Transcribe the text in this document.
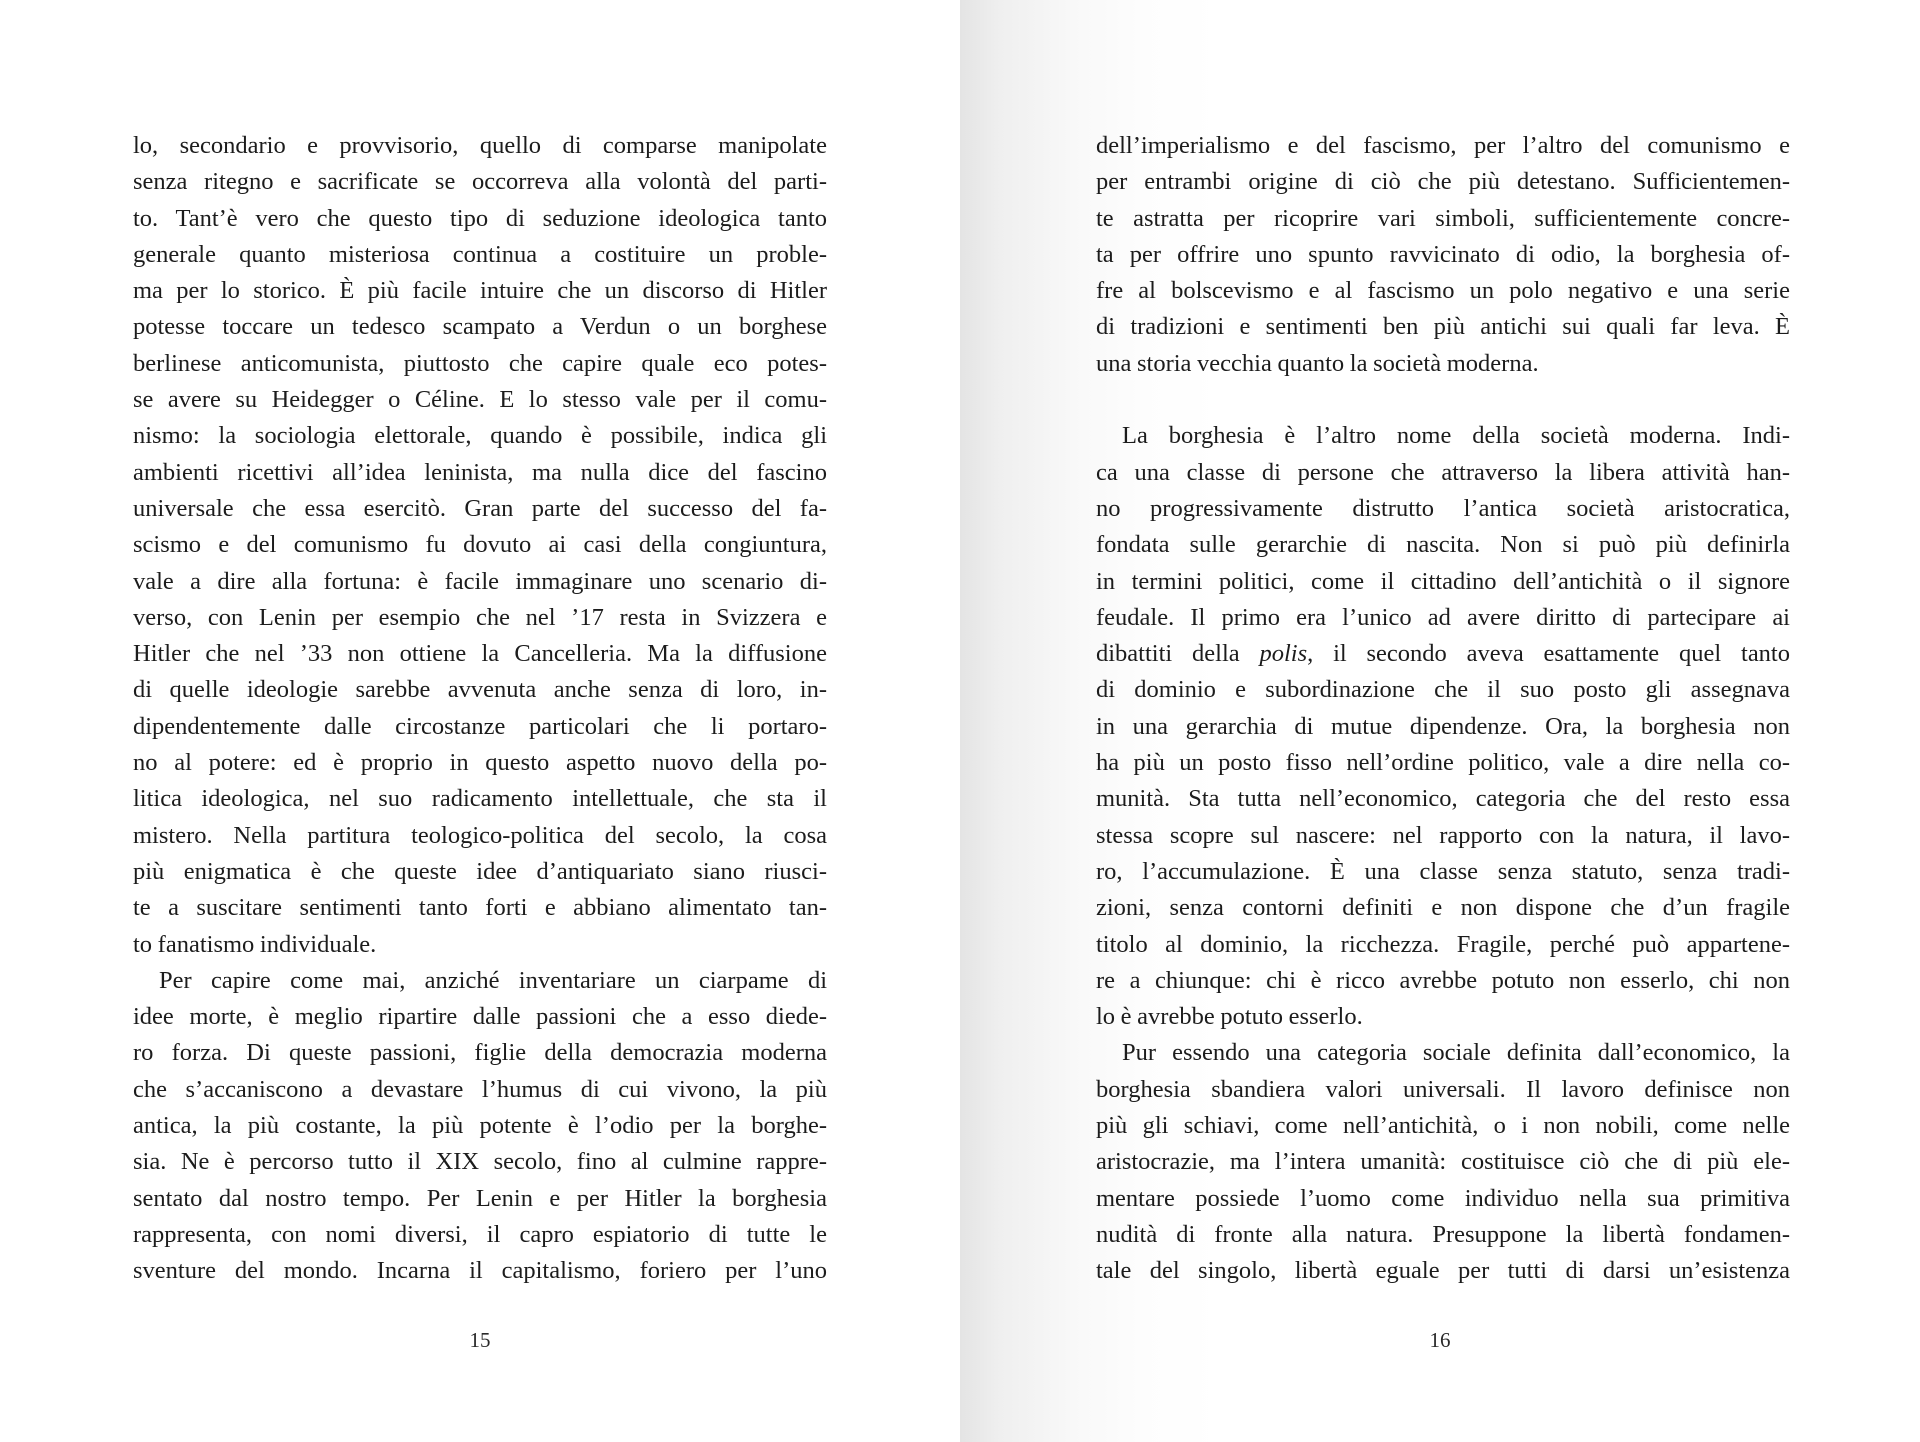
lo, secondario e provvisorio, quello di comparse manipolate
senza ritegno e sacrificate se occorreva alla volontà del parti-
to. Tant’è vero che questo tipo di seduzione ideologica tanto
generale quanto misteriosa continua a costituire un proble-
ma per lo storico. È più facile intuire che un discorso di Hitler
potesse toccare un tedesco scampato a Verdun o un borghese
berlinese anticomunista, piuttosto che capire quale eco potes-
se avere su Heidegger o Céline. E lo stesso vale per il comu-
nismo: la sociologia elettorale, quando è possibile, indica gli
ambienti ricettivi all’idea leninista, ma nulla dice del fascino
universale che essa esercitò. Gran parte del successo del fa-
scismo e del comunismo fu dovuto ai casi della congiuntura,
vale a dire alla fortuna: è facile immaginare uno scenario di-
verso, con Lenin per esempio che nel ’17 resta in Svizzera e
Hitler che nel ’33 non ottiene la Cancelleria. Ma la diffusione
di quelle ideologie sarebbe avvenuta anche senza di loro, in-
dipendentemente dalle circostanze particolari che li portaro-
no al potere: ed è proprio in questo aspetto nuovo della po-
litica ideologica, nel suo radicamento intellettuale, che sta il
mistero. Nella partitura teologico-politica del secolo, la cosa
più enigmatica è che queste idee d’antiquariato siano riusci-
te a suscitare sentimenti tanto forti e abbiano alimentato tan-
to fanatismo individuale.
Per capire come mai, anziché inventariare un ciarpame di
idee morte, è meglio ripartire dalle passioni che a esso diede-
ro forza. Di queste passioni, figlie della democrazia moderna
che s’accaniscono a devastare l’humus di cui vivono, la più
antica, la più costante, la più potente è l’odio per la borghe-
sia. Ne è percorso tutto il XIX secolo, fino al culmine rappre-
sentato dal nostro tempo. Per Lenin e per Hitler la borghesia
rappresenta, con nomi diversi, il capro espiatorio di tutte le
sventure del mondo. Incarna il capitalismo, foriero per l’uno
15
dell’imperialismo e del fascismo, per l’altro del comunismo e
per entrambi origine di ciò che più detestano. Sufficientemen-
te astratta per ricoprire vari simboli, sufficientemente concre-
ta per offrire uno spunto ravvicinato di odio, la borghesia of-
fre al bolscevismo e al fascismo un polo negativo e una serie
di tradizioni e sentimenti ben più antichi sui quali far leva. È
una storia vecchia quanto la società moderna.
La borghesia è l’altro nome della società moderna. Indi-
ca una classe di persone che attraverso la libera attività han-
no progressivamente distrutto l’antica società aristocratica,
fondata sulle gerarchie di nascita. Non si può più definirla
in termini politici, come il cittadino dell’antichità o il signore
feudale. Il primo era l’unico ad avere diritto di partecipare ai
dibattiti della polis, il secondo aveva esattamente quel tanto
di dominio e subordinazione che il suo posto gli assegnava
in una gerarchia di mutue dipendenze. Ora, la borghesia non
ha più un posto fisso nell’ordine politico, vale a dire nella co-
munità. Sta tutta nell’economico, categoria che del resto essa
stessa scopre sul nascere: nel rapporto con la natura, il lavo-
ro, l’accumulazione. È una classe senza statuto, senza tradi-
zioni, senza contorni definiti e non dispone che d’un fragile
titolo al dominio, la ricchezza. Fragile, perché può appartene-
re a chiunque: chi è ricco avrebbe potuto non esserlo, chi non
lo è avrebbe potuto esserlo.
Pur essendo una categoria sociale definita dall’economico, la
borghesia sbandiera valori universali. Il lavoro definisce non
più gli schiavi, come nell’antichità, o i non nobili, come nelle
aristocrazie, ma l’intera umanità: costituisce ciò che di più ele-
mentare possiede l’uomo come individuo nella sua primitiva
nudità di fronte alla natura. Presuppone la libertà fondamen-
tale del singolo, libertà eguale per tutti di darsi un’esistenza
16
